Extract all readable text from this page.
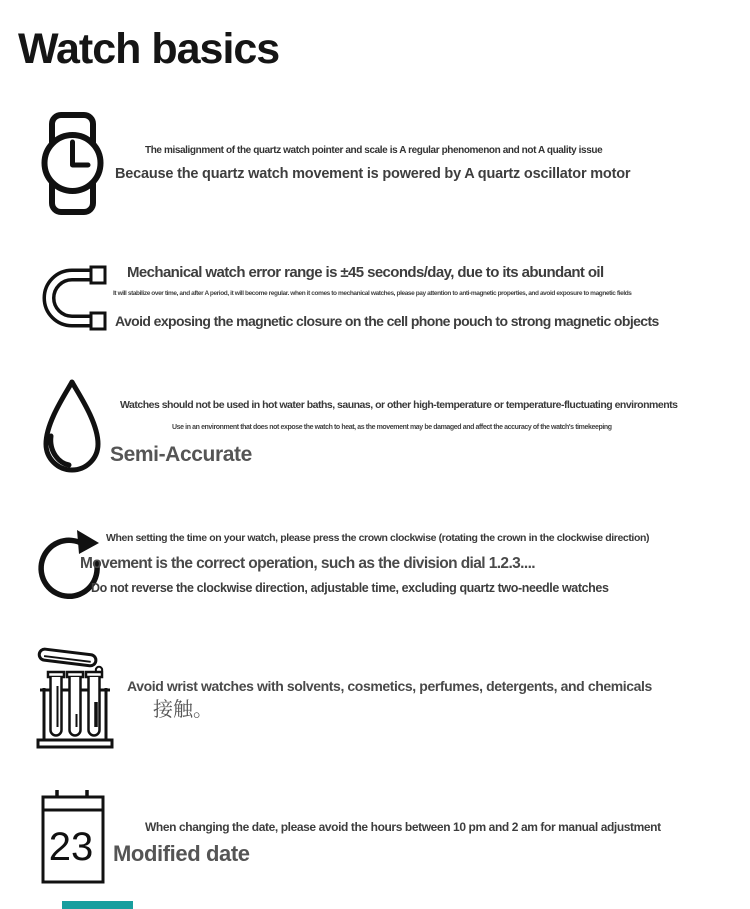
Watch basics
The misalignment of the quartz watch pointer and scale is A regular phenomenon and not A quality issue
Because the quartz watch movement is powered by A quartz oscillator motor
Mechanical watch error range is ±45 seconds/day, due to its abundant oil
It will stabilize over time, and after A period, it will become regular. when it comes to mechanical watches, please pay attention to anti-magnetic properties, and avoid exposure to magnetic fields
Avoid exposing the magnetic closure on the cell phone pouch to strong magnetic objects
Watches should not be used in hot water baths, saunas, or other high-temperature or temperature-fluctuating environments
Use in an environment that does not expose the watch to heat, as the movement may be damaged and affect the accuracy of the watch's timekeeping
Semi-Accurate
When setting the time on your watch, please press the crown clockwise (rotating the crown in the clockwise direction)
Movement is the correct operation, such as the division dial 1.2.3....
Do not reverse the clockwise direction, adjustable time, excluding quartz two-needle watches
Avoid wrist watches with solvents, cosmetics, perfumes, detergents, and chemicals
接触。
23	When changing the date, please avoid the hours between 10 pm and 2 am for manual adjustment
Modified date
